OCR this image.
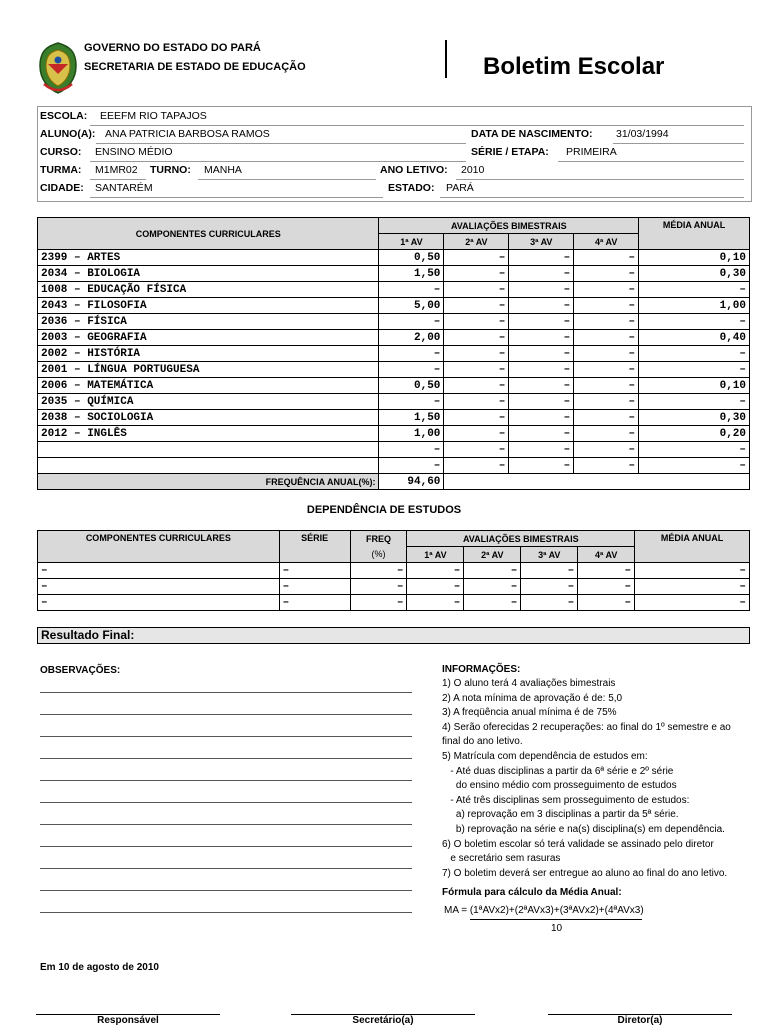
GOVERNO DO ESTADO DO PARÁ
SECRETARIA DE ESTADO DE EDUCAÇÃO	Boletim Escolar
ESCOLA: EEEFM RIO TAPAJOS
ALUNO(A): ANA PATRICIA BARBOSA RAMOS	DATA DE NASCIMENTO: 31/03/1994
CURSO: ENSINO MÉDIO	SÉRIE / ETAPA: PRIMEIRA
TURMA: M1MR02 TURNO: MANHA	ANO LETIVO: 2010
CIDADE: SANTARÉM	ESTADO: PARÁ
COMPONENTES CURRICULARES	AVALIAÇÕES BIMESTRAIS				MÉDIA ANUAL
	1ª AV	2ª AV	3ª AV	4ª AV	
2399 – ARTES	0,50	–	–	–	0,10
2034 – BIOLOGIA	1,50	–	–	–	0,30
1008 – EDUCAÇÃO FÍSICA	–	–	–	–	–
2043 – FILOSOFIA	5,00	–	–	–	1,00
2036 – FÍSICA	–	–	–	–	–
2003 – GEOGRAFIA	2,00	–	–	–	0,40
2002 – HISTÓRIA	–	–	–	–	–
2001 – LÍNGUA PORTUGUESA	–	–	–	–	–
2006 – MATEMÁTICA	0,50	–	–	–	0,10
2035 – QUÍMICA	–	–	–	–	–
2038 – SOCIOLOGIA	1,50	–	–	–	0,30
2012 – INGLÊS	1,00	–	–	–	0,20
	–	–	–	–	–
	–	–	–	–	–
FREQUÊNCIA ANUAL(%):	94,60				
DEPENDÊNCIA DE ESTUDOS
COMPONENTES CURRICULARES	SÉRIE	FREQ	AVALIAÇÕES BIMESTRAIS				MÉDIA ANUAL
		(%)	1ª AV	2ª AV	3ª AV	4ª AV	
–	–	–	–	–	–	–	–
–	–	–	–	–	–	–	–
–	–	–	–	–	–	–	–
Resultado Final:
OBSERVAÇÕES:	INFORMAÇÕES:
1) O aluno terá 4 avaliações bimestrais
2) A nota mínima de aprovação é de: 5,0
3) A freqüência anual mínima é de 75%
4) Serão oferecidas 2 recuperações: ao final do 1º semestre e ao
final do ano letivo.
5) Matrícula com dependência de estudos em:
- Até duas disciplinas a partir da 6ª série e 2º série
do ensino médio com prosseguimento de estudos
- Até três disciplinas sem prosseguimento de estudos:
a) reprovação em 3 disciplinas a partir da 5ª série.
b) reprovação na série e na(s) disciplina(s) em dependência.
6) O boletim escolar só terá validade se assinado pelo diretor
e secretário sem rasuras
7) O boletim deverá ser entregue ao aluno ao final do ano letivo.
Fórmula para cálculo da Média Anual:
MA = (1ªAVx2)+(2ªAVx3)+(3ªAVx2)+(4ªAVx3)
10
Em 10 de agosto de 2010
Responsável	Secretário(a)	Diretor(a)
